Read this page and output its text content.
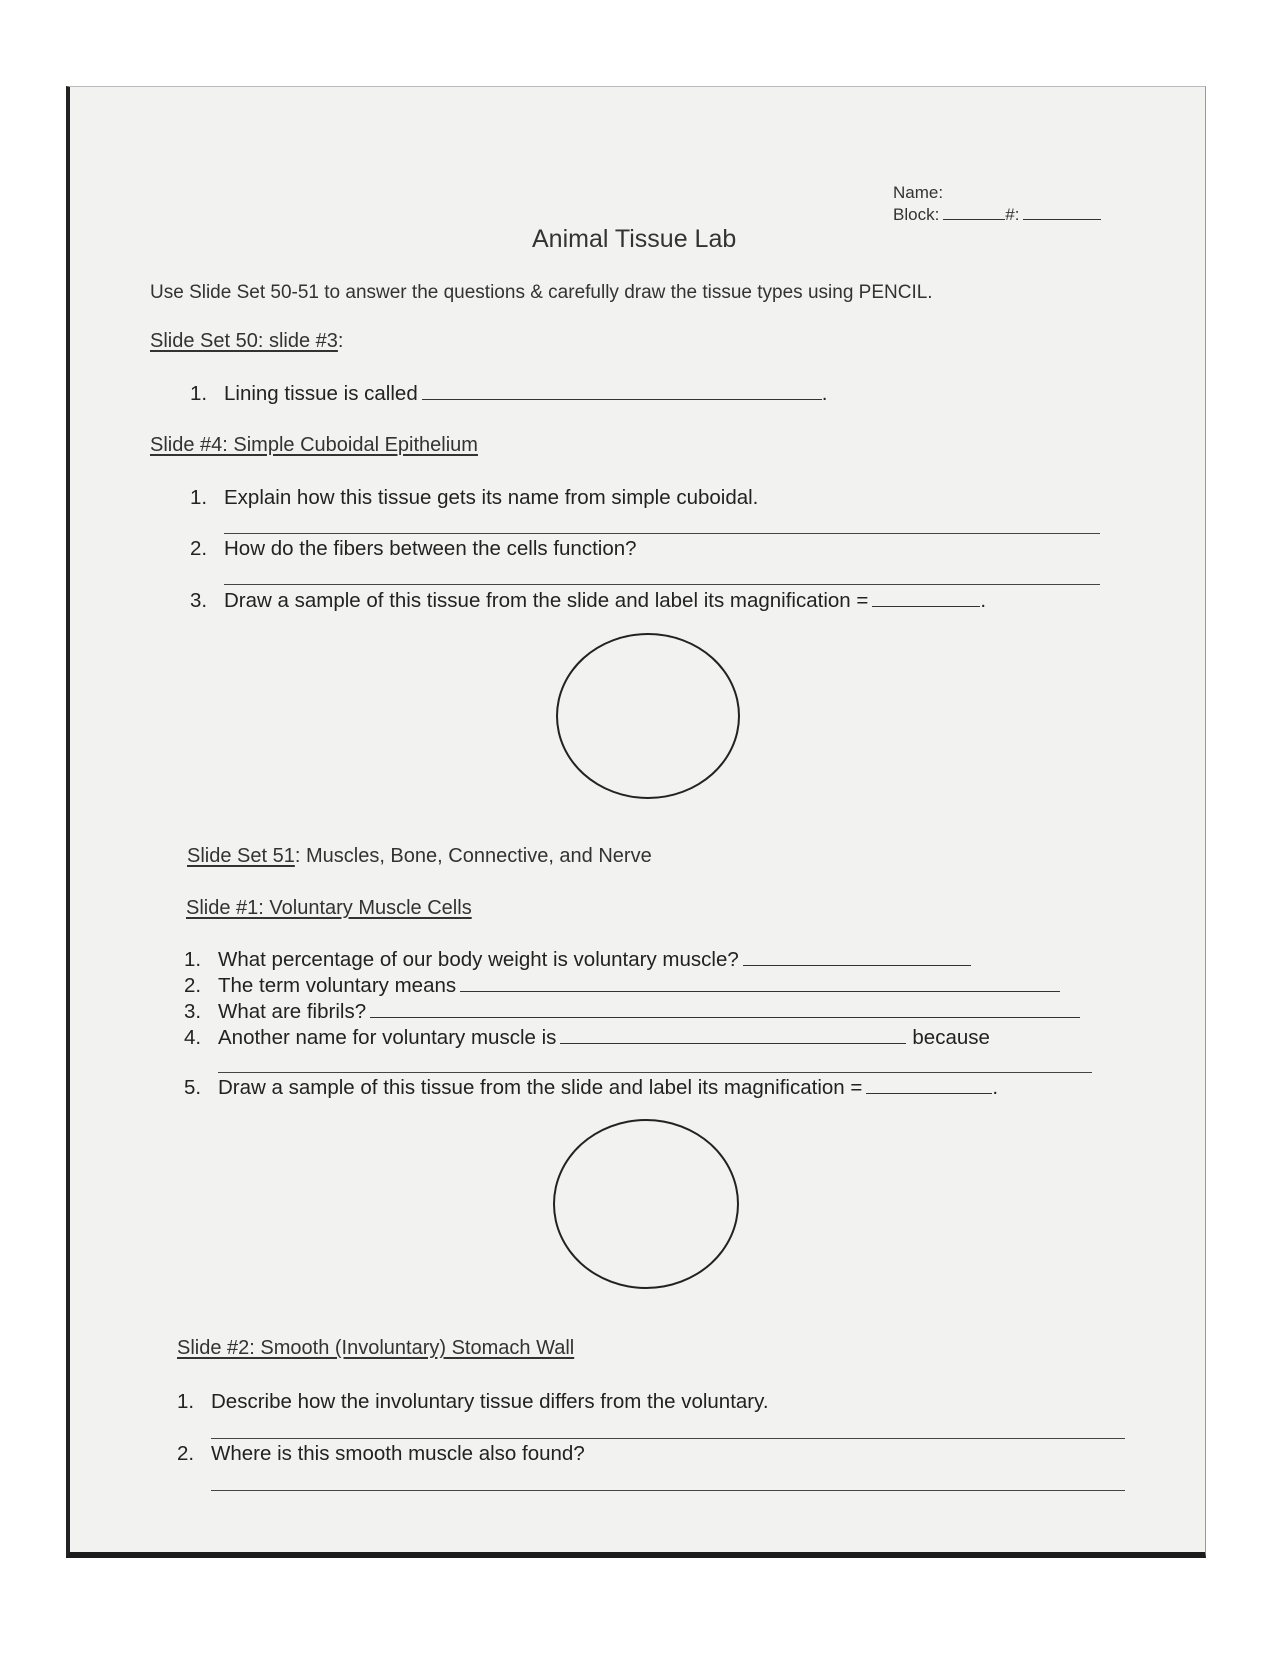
Name:
Block:	#:
Animal Tissue Lab
Use Slide Set 50-51 to answer the questions & carefully draw the tissue types using PENCIL.
Slide Set 50: slide #3:
1. Lining tissue is called	.
Slide #4: Simple Cuboidal Epithelium
1. Explain how this tissue gets its name from simple cuboidal.
2. How do the fibers between the cells function?
3. Draw a sample of this tissue from the slide and label its magnification =	.
Slide Set 51: Muscles, Bone, Connective, and Nerve
Slide #1: Voluntary Muscle Cells
1. What percentage of our body weight is voluntary muscle?
2. The term voluntary means
3. What are fibrils?
4. Another name for voluntary muscle is	because
5. Draw a sample of this tissue from the slide and label its magnification =	.
Slide #2: Smooth (Involuntary) Stomach Wall
1. Describe how the involuntary tissue differs from the voluntary.
2. Where is this smooth muscle also found?
